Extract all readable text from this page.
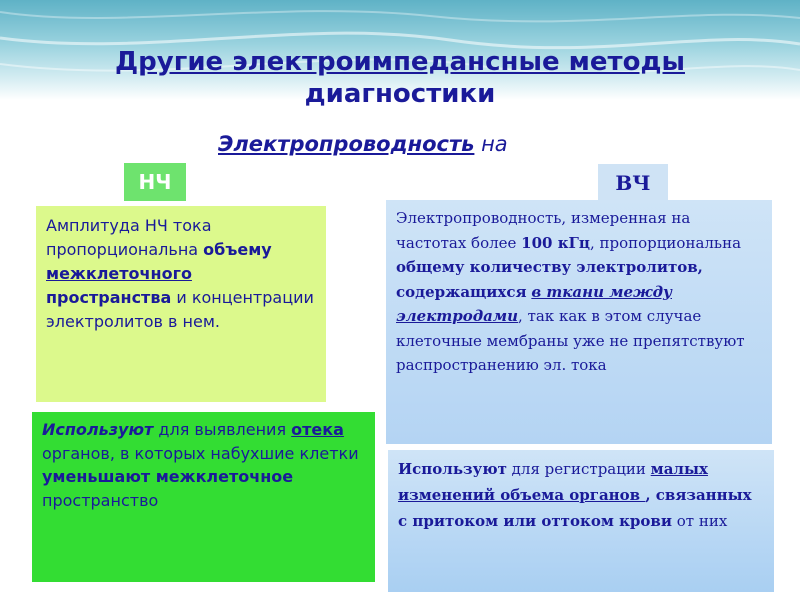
Другие электроимпедансные методы
диагностики
Электропроводность на
НЧ	ВЧ
Амплитуда НЧ тока пропорциональна объему межклеточного пространства и концентрации электролитов в нем.
Используют для выявления отека органов, в которых набухшие клетки уменьшают межклеточное пространство
Электропроводность, измеренная на частотах более 100 кГц, пропорциональна общему количеству электролитов, содержащихся в ткани между электродами, так как в этом случае клеточные мембраны уже не препятствуют распространению эл. тока
Используют для регистрации малых изменений объема органов , связанных с притоком или оттоком крови от них
